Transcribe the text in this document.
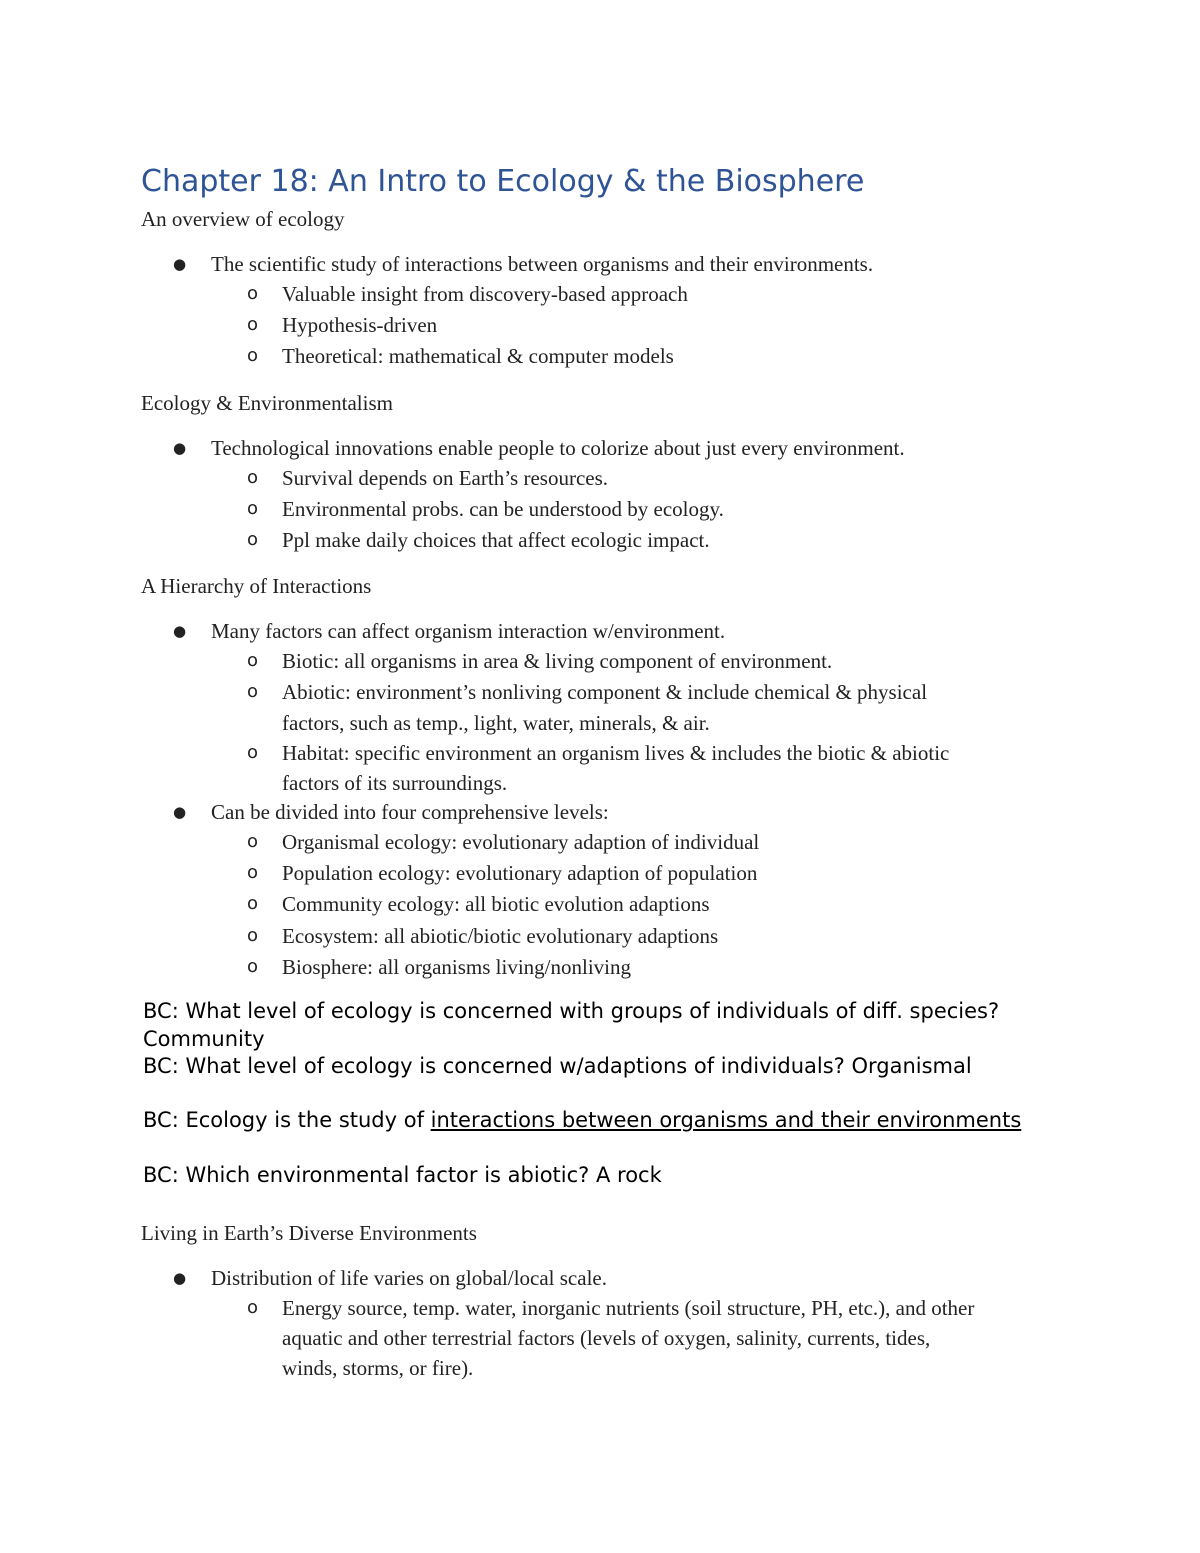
Chapter 18: An Intro to Ecology & the Biosphere
An overview of ecology
● The scientific study of interactions between organisms and their environments.
o Valuable insight from discovery-based approach
o Hypothesis-driven
o Theoretical: mathematical & computer models
Ecology & Environmentalism
● Technological innovations enable people to colorize about just every environment.
o Survival depends on Earth’s resources.
o Environmental probs. can be understood by ecology.
o Ppl make daily choices that affect ecologic impact.
A Hierarchy of Interactions
● Many factors can affect organism interaction w/environment.
o Biotic: all organisms in area & living component of environment.
o Abiotic: environment’s nonliving component & include chemical & physical
factors, such as temp., light, water, minerals, & air.
o Habitat: specific environment an organism lives & includes the biotic & abiotic
factors of its surroundings.
● Can be divided into four comprehensive levels:
o Organismal ecology: evolutionary adaption of individual
o Population ecology: evolutionary adaption of population
o Community ecology: all biotic evolution adaptions
o Ecosystem: all abiotic/biotic evolutionary adaptions
o Biosphere: all organisms living/nonliving
BC: What level of ecology is concerned with groups of individuals of diff. species? Community
BC: What level of ecology is concerned w/adaptions of individuals? Organismal
BC: Ecology is the study of interactions between organisms and their environments
BC: Which environmental factor is abiotic? A rock
Living in Earth’s Diverse Environments
● Distribution of life varies on global/local scale.
o Energy source, temp. water, inorganic nutrients (soil structure, PH, etc.), and other
aquatic and other terrestrial factors (levels of oxygen, salinity, currents, tides,
winds, storms, or fire).
